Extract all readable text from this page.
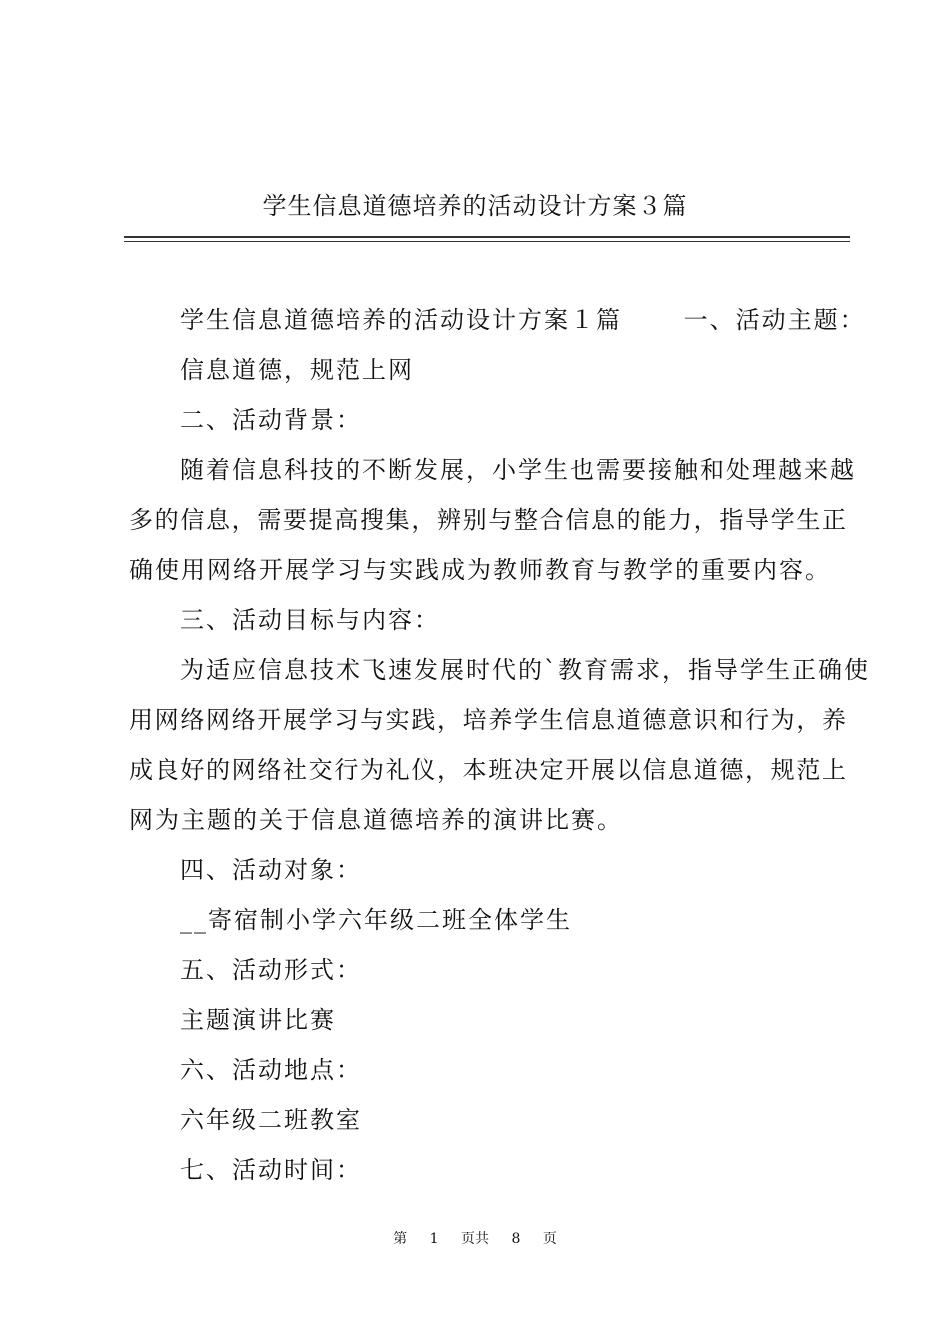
学生信息道德培养的活动设计方案３篇
学生信息道德培养的活动设计方案１篇　　 一、活动主题：
信息道德，规范上网
二、活动背景：
随着信息科技的不断发展，小学生也需要接触和处理越来越
多的信息，需要提高搜集，辨别与整合信息的能力，指导学生正
确使用网络开展学习与实践成为教师教育与教学的重要内容。
三、活动目标与内容：
为适应信息技术飞速发展时代的`教育需求，指导学生正确使
用网络网络开展学习与实践，培养学生信息道德意识和行为，养
成良好的网络社交行为礼仪，本班决定开展以信息道德，规范上
网为主题的关于信息道德培养的演讲比赛。
四、活动对象：
__寄宿制小学六年级二班全体学生
五、活动形式：
主题演讲比赛
六、活动地点：
六年级二班教室
七、活动时间：
第 1 页共 8 页
